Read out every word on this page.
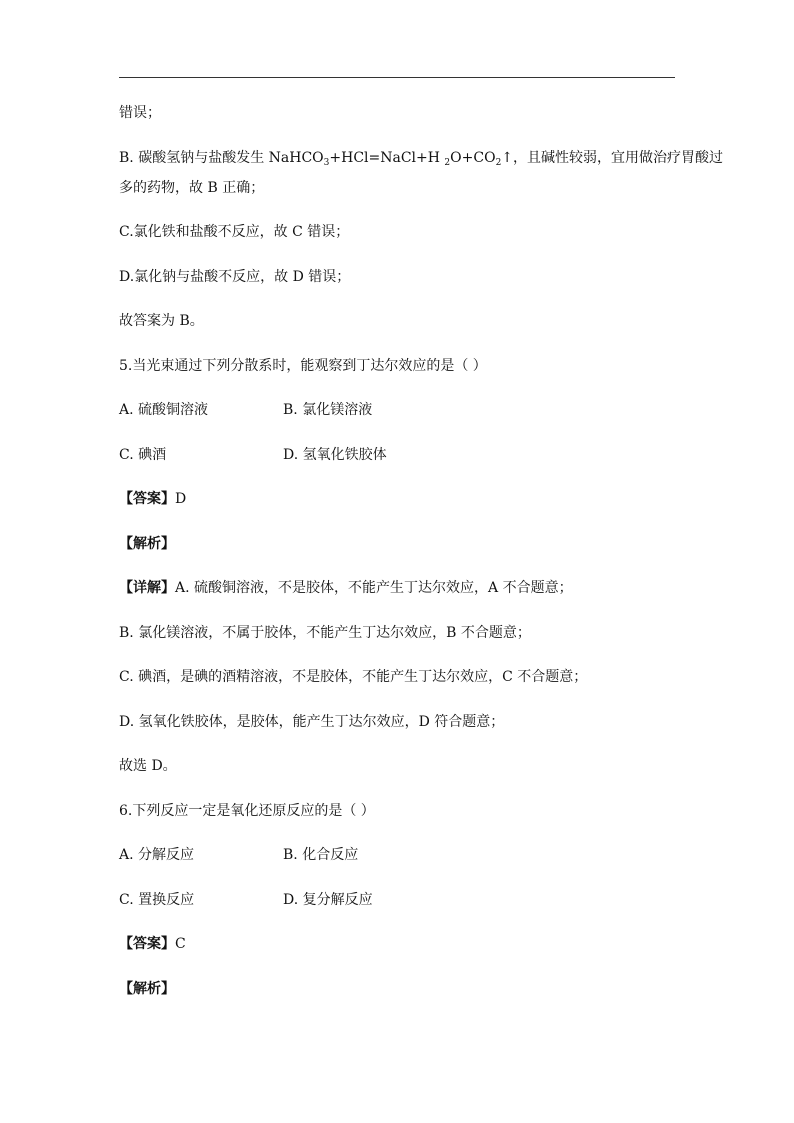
错误；
B. 碳酸氢钠与盐酸发生 NaHCO$_3$+HCl=NaCl+H $_2O+CO_2↑$，且碱性较弱，宜用做治疗胃酸过
多的药物，故 B 正确；
C.氯化铁和盐酸不反应，故 C 错误；
D.氯化钠与盐酸不反应，故 D 错误；
故答案为 B。
5.当光束通过下列分散系时，能观察到丁达尔效应的是（ ）
A. 硫酸铜溶液	B. 氯化镁溶液
C. 碘酒	D. 氢氧化铁胶体
【答案】D
【解析】
【详解】A. 硫酸铜溶液，不是胶体，不能产生丁达尔效应，A 不合题意；
B. 氯化镁溶液，不属于胶体，不能产生丁达尔效应，B 不合题意；
C. 碘酒，是碘的酒精溶液，不是胶体，不能产生丁达尔效应，C 不合题意；
D. 氢氧化铁胶体，是胶体，能产生丁达尔效应，D 符合题意；
故选 D。
6.下列反应一定是氧化还原反应的是（ ）
A. 分解反应	B. 化合反应
C. 置换反应	D. 复分解反应
【答案】C
【解析】
